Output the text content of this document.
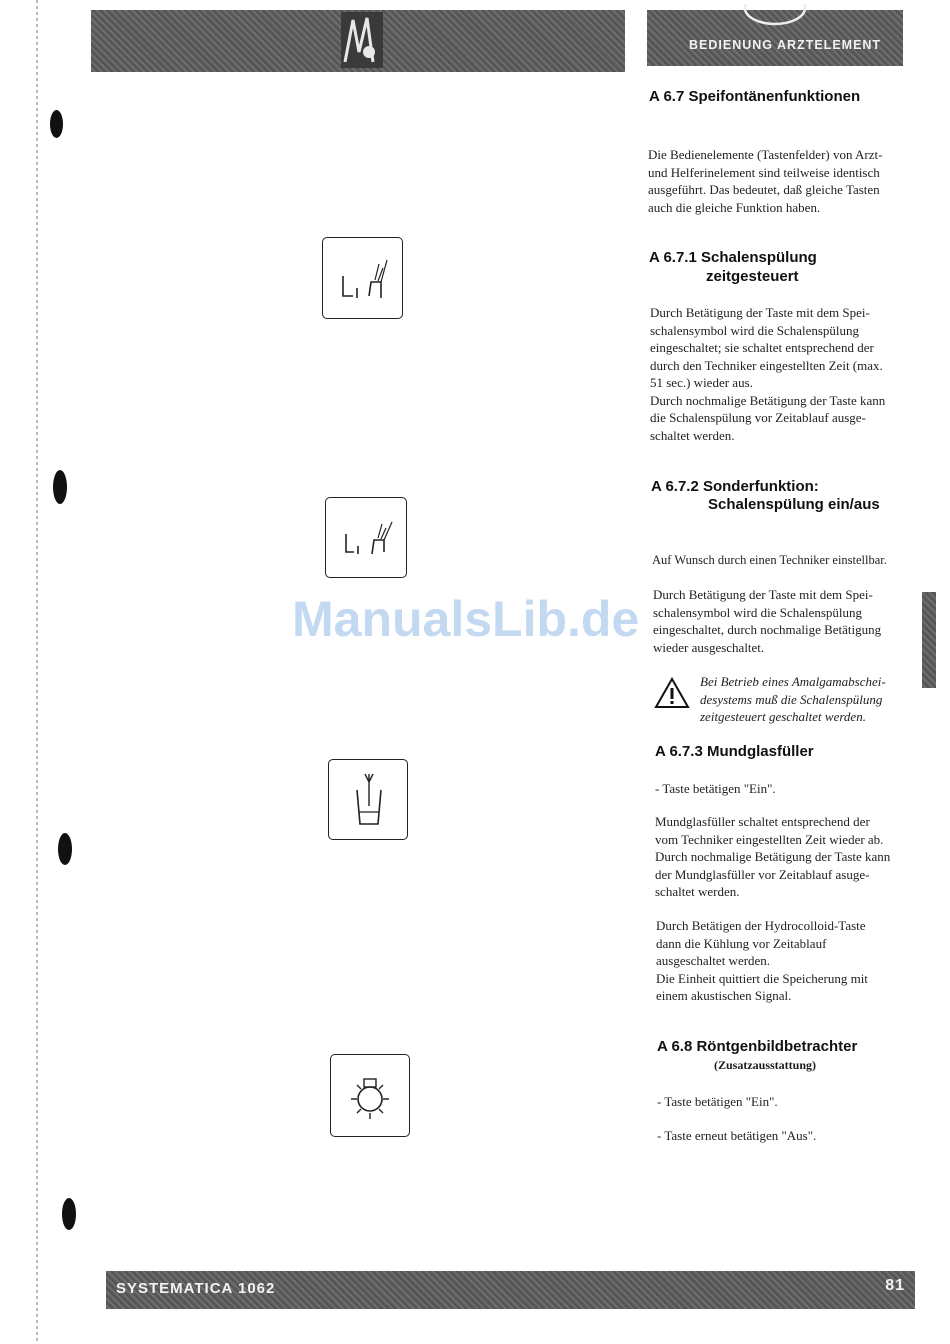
BEDIENUNG ARZTELEMENT
ManualsLib.de
A 6.7 Speifontänenfunktionen
Die Bedienelemente (Tastenfelder) von Arzt-
und Helferinelement sind teilweise identisch
ausgeführt. Das bedeutet, daß gleiche Tasten
auch die gleiche Funktion haben.
A 6.7.1 Schalenspülung
zeitgesteuert
Durch Betätigung der Taste mit dem Spei-
schalensymbol wird die Schalenspülung
eingeschaltet; sie schaltet entsprechend der
durch den Techniker eingestellten Zeit (max.
51 sec.) wieder aus.
Durch nochmalige Betätigung der Taste kann
die Schalenspülung vor Zeitablauf ausge-
schaltet werden.
A 6.7.2 Sonderfunktion:
Schalenspülung ein/aus
Auf Wunsch durch einen Techniker einstellbar.
Durch Betätigung der Taste mit dem Spei-
schalensymbol wird die Schalenspülung
eingeschaltet, durch nochmalige Betätigung
wieder ausgeschaltet.
Bei Betrieb eines Amalgamabschei-
desystems muß die Schalenspülung
zeitgesteuert geschaltet werden.
A 6.7.3 Mundglasfüller
- Taste betätigen "Ein".
Mundglasfüller schaltet entsprechend der
vom Techniker eingestellten Zeit wieder ab.
Durch nochmalige Betätigung der Taste kann
der Mundglasfüller vor Zeitablauf asuge-
schaltet werden.
Durch Betätigen der Hydrocolloid-Taste
dann die Kühlung vor Zeitablauf
ausgeschaltet werden.
Die Einheit quittiert die Speicherung mit
einem akustischen Signal.
A 6.8 Röntgenbildbetrachter
(Zusatzausstattung)
- Taste betätigen "Ein".
- Taste erneut betätigen "Aus".
SYSTEMATICA 1062	81
